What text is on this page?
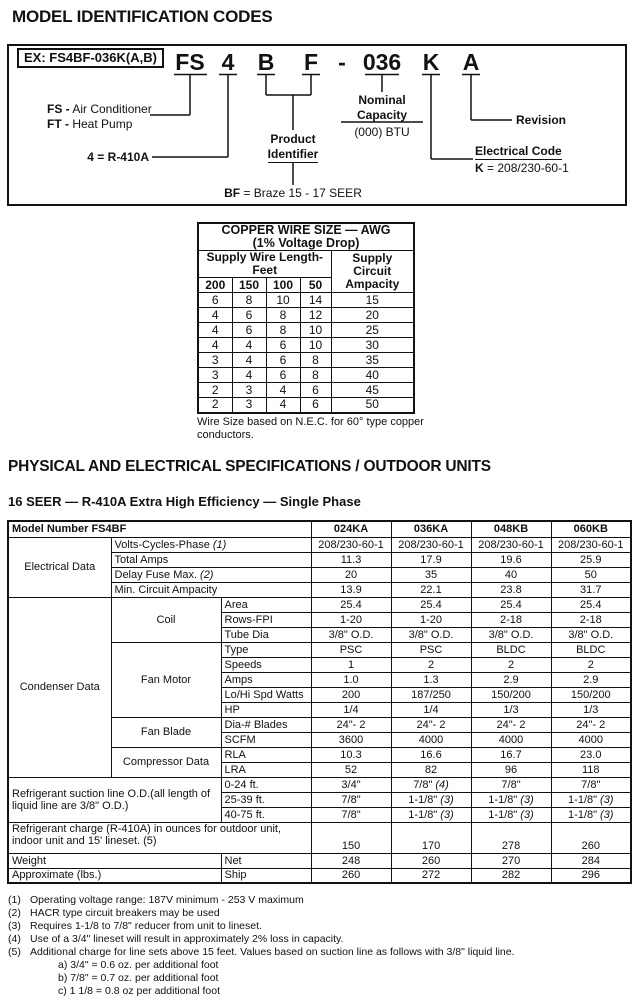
MODEL IDENTIFICATION CODES
EX: FS4BF-036K(A,B) FS 4 B F - 036 K A
FS - Air Conditioner
FT - Heat Pump
4 = R-410A
Product
Identifier
BF = Braze 15 - 17 SEER
Nominal
Capacity
(000) BTU
Electrical Code
K = 208/230-60-1
Revision
COPPER WIRE SIZE — AWG
(1% Voltage Drop)				

Supply Wire Length-Feet				Supply Circuit
Ampacity

200	150	100	50	
6	8	10	14	15
4	6	8	12	20
4	6	8	10	25
4	4	6	10	30
3	4	6	8	35
3	4	6	8	40
2	3	4	6	45
2	3	4	6	50
Wire Size based on N.E.C. for 60° type copper conductors.
PHYSICAL AND ELECTRICAL SPECIFICATIONS / OUTDOOR UNITS
16 SEER — R-410A Extra High Efficiency — Single Phase
Model Number FS4BF			024KA	036KA	048KB	060KB
Electrical Data	Volts-Cycles-Phase (1)		208/230-60-1	208/230-60-1	208/230-60-1	208/230-60-1
	Total Amps		11.3	17.9	19.6	25.9
	Delay Fuse Max. (2)		20	35	40	50
	Min. Circuit Ampacity		13.9	22.1	23.8	31.7
Condenser Data	Coil	Area	25.4	25.4	25.4	25.4
		Rows-FPI	1-20	1-20	2-18	2-18
		Tube Dia	3/8" O.D.	3/8" O.D.	3/8" O.D.	3/8" O.D.
	Fan Motor	Type	PSC	PSC	BLDC	BLDC
		Speeds	1	2	2	2
		Amps	1.0	1.3	2.9	2.9
		Lo/Hi Spd Watts	200	187/250	150/200	150/200
		HP	1/4	1/4	1/3	1/3
	Fan Blade	Dia-# Blades	24"- 2	24"- 2	24"- 2	24"- 2
		SCFM	3600	4000	4000	4000
	Compressor Data	RLA	10.3	16.6	16.7	23.0
		LRA	52	82	96	118
Refrigerant suction line O.D.(all length of liquid line are 3/8" O.D.)		0-24 ft.	3/4"	7/8" (4)	7/8"	7/8"
		25-39 ft.	7/8"	1-1/8" (3)	1-1/8" (3)	1-1/8" (3)
		40-75 ft.	7/8"	1-1/8" (3)	1-1/8" (3)	1-1/8" (3)
Refrigerant charge (R-410A) in ounces for outdoor unit, indoor unit and 15' lineset. (5)			150	170	278	260
Weight		Net	248	260	270	284
Approximate (lbs.)		Ship	260	272	282	296
(1) Operating voltage range: 187V minimum - 253 V maximum
(2) HACR type circuit breakers may be used
(3) Requires 1-1/8 to 7/8" reducer from unit to lineset.
(4) Use of a 3/4" lineset will result in approximately 2% loss in capacity.
(5) Additional charge for line sets above 15 feet. Values based on suction line as follows with 3/8" liquid line.
a) 3/4" = 0.6 oz. per additional foot
b) 7/8" = 0.7 oz. per additional foot
c) 1 1/8 = 0.8 oz per additional foot
